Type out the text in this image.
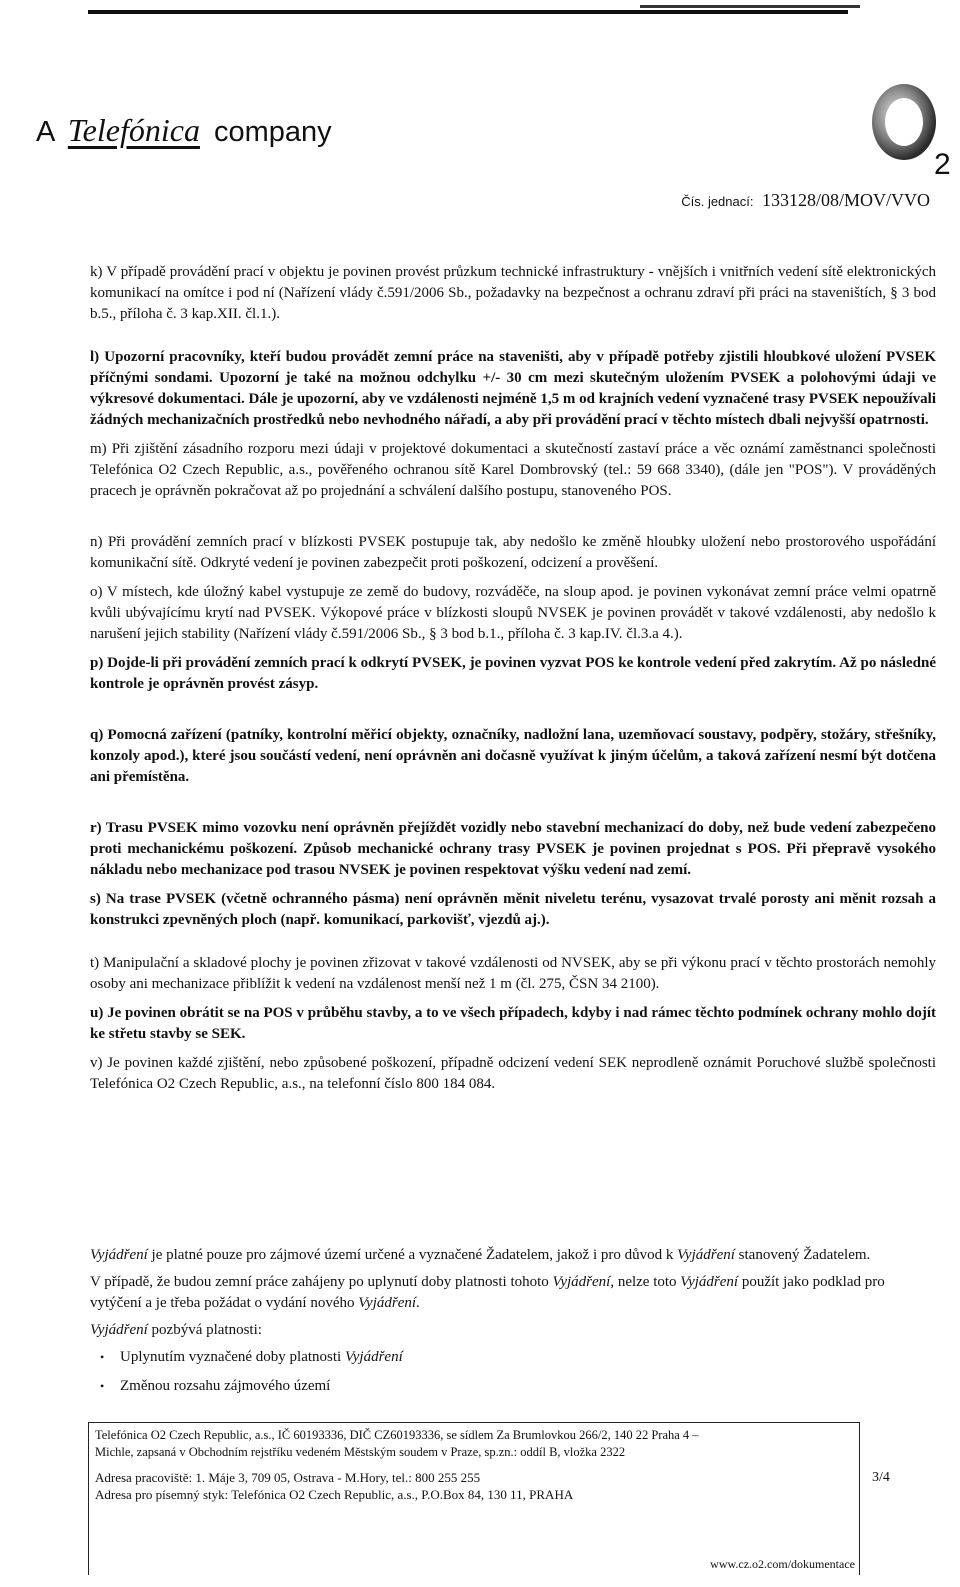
A Telefónica company
2
Čís. jednací: 133128/08/MOV/VVO

k) V případě provádění prací v objektu je povinen provést průzkum technické infrastruktury - vnějších i vnitřních vedení sítě elektronických komunikací na omítce i pod ní (Nařízení vlády č.591/2006 Sb., požadavky na bezpečnost a ochranu zdraví při práci na staveništích, § 3 bod b.5., příloha č. 3 kap.XII. čl.1.).

l) Upozorní pracovníky, kteří budou provádět zemní práce na staveništi, aby v případě potřeby zjistili hloubkové uložení PVSEK příčnými sondami. Upozorní je také na možnou odchylku +/- 30 cm mezi skutečným uložením PVSEK a polohovými údaji ve výkresové dokumentaci. Dále je upozorní, aby ve vzdálenosti nejméně 1,5 m od krajních vedení vyznačené trasy PVSEK nepoužívali žádných mechanizačních prostředků nebo nevhodného nářadí, a aby při provádění prací v těchto místech dbali nejvyšší opatrnosti.

m) Při zjištění zásadního rozporu mezi údaji v projektové dokumentaci a skutečností zastaví práce a věc oznámí zaměstnanci společnosti Telefónica O2 Czech Republic, a.s., pověřeného ochranou sítě Karel Dombrovský (tel.: 59 668 3340), (dále jen "POS"). V prováděných pracech je oprávněn pokračovat až po projednání a schválení dalšího postupu, stanoveného POS.

n) Při provádění zemních prací v blízkosti PVSEK postupuje tak, aby nedošlo ke změně hloubky uložení nebo prostorového uspořádání komunikační sítě. Odkryté vedení je povinen zabezpečit proti poškození, odcizení a prověšení.

o) V místech, kde úložný kabel vystupuje ze země do budovy, rozváděče, na sloup apod. je povinen vykonávat zemní práce velmi opatrně kvůli ubývajícímu krytí nad PVSEK. Výkopové práce v blízkosti sloupů NVSEK je povinen provádět v takové vzdálenosti, aby nedošlo k narušení jejich stability (Nařízení vlády č.591/2006 Sb., § 3 bod b.1., příloha č. 3 kap.IV. čl.3.a 4.).

p) Dojde-li při provádění zemních prací k odkrytí PVSEK, je povinen vyzvat POS ke kontrole vedení před zakrytím. Až po následné kontrole je oprávněn provést zásyp.

q) Pomocná zařízení (patníky, kontrolní měřicí objekty, označníky, nadložní lana, uzemňovací soustavy, podpěry, stožáry, střešníky, konzoly apod.), které jsou součástí vedení, není oprávněn ani dočasně využívat k jiným účelům, a taková zařízení nesmí být dotčena ani přemístěna.

r) Trasu PVSEK mimo vozovku není oprávněn přejíždět vozidly nebo stavební mechanizací do doby, než bude vedení zabezpečeno proti mechanickému poškození. Způsob mechanické ochrany trasy PVSEK je povinen projednat s POS. Při přepravě vysokého nákladu nebo mechanizace pod trasou NVSEK je povinen respektovat výšku vedení nad zemí.

s) Na trase PVSEK (včetně ochranného pásma) není oprávněn měnit niveletu terénu, vysazovat trvalé porosty ani měnit rozsah a konstrukci zpevněných ploch (např. komunikací, parkovišť, vjezdů aj.).

t) Manipulační a skladové plochy je povinen zřizovat v takové vzdálenosti od NVSEK, aby se při výkonu prací v těchto prostorách nemohly osoby ani mechanizace přiblížit k vedení na vzdálenost menší než 1 m (čl. 275, ČSN 34 2100).

u) Je povinen obrátit se na POS v průběhu stavby, a to ve všech případech, kdyby i nad rámec těchto podmínek ochrany mohlo dojít ke střetu stavby se SEK.

v) Je povinen každé zjištění, nebo způsobené poškození, případně odcizení vedení SEK neprodleně oznámit Poruchové službě společnosti Telefónica O2 Czech Republic, a.s., na telefonní číslo 800 184 084.

Vyjádření je platné pouze pro zájmové území určené a vyznačené Žadatelem, jakož i pro důvod k Vyjádření stanovený Žadatelem.

V případě, že budou zemní práce zahájeny po uplynutí doby platnosti tohoto Vyjádření, nelze toto Vyjádření použít jako podklad pro vytýčení a je třeba požádat o vydání nového Vyjádření.

Vyjádření pozbývá platnosti:

• Uplynutím vyznačené doby platnosti Vyjádření
• Změnou rozsahu zájmového území
Telefónica O2 Czech Republic, a.s., IČ 60193336, DIČ CZ60193336, se sídlem Za Brumlovkou 266/2, 140 22 Praha 4 –
Michle, zapsaná v Obchodním rejstříku vedeném Městským soudem v Praze, sp.zn.: oddíl B, vložka 2322
Adresa pracoviště: 1. Máje 3, 709 05, Ostrava - M.Hory, tel.: 800 255 255
Adresa pro písemný styk: Telefónica O2 Czech Republic, a.s., P.O.Box 84, 130 11, PRAHA
www.cz.o2.com/dokumentace
3/4
